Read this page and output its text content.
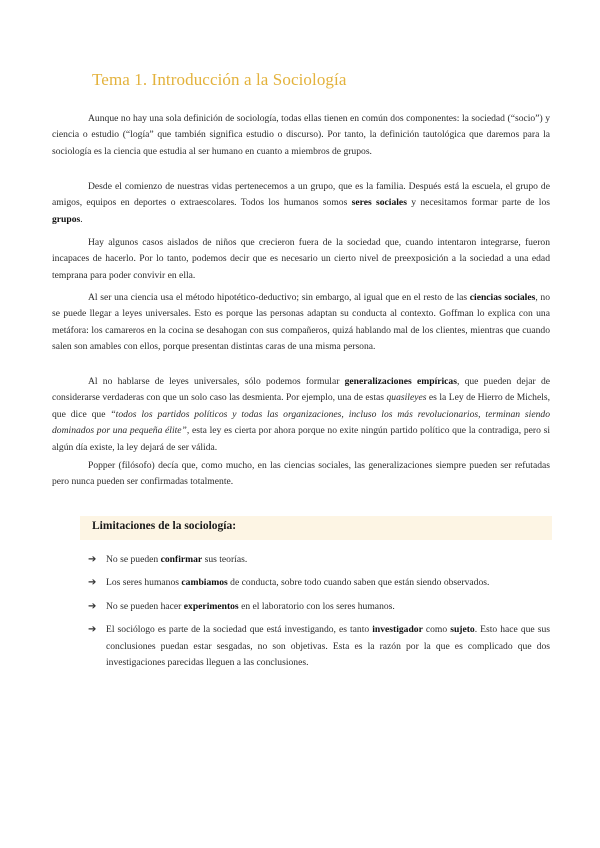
Tema 1. Introducción a la Sociología
Aunque no hay una sola definición de sociología, todas ellas tienen en común dos componentes: la sociedad (“socio”) y ciencia o estudio (“logía” que también significa estudio o discurso). Por tanto, la definición tautológica que daremos para la sociología es la ciencia que estudia al ser humano en cuanto a miembros de grupos.
Desde el comienzo de nuestras vidas pertenecemos a un grupo, que es la familia. Después está la escuela, el grupo de amigos, equipos en deportes o extraescolares. Todos los humanos somos seres sociales y necesitamos formar parte de los grupos.
Hay algunos casos aislados de niños que crecieron fuera de la sociedad que, cuando intentaron integrarse, fueron incapaces de hacerlo. Por lo tanto, podemos decir que es necesario un cierto nivel de preexposición a la sociedad a una edad temprana para poder convivir en ella.
Al ser una ciencia usa el método hipotético-deductivo; sin embargo, al igual que en el resto de las ciencias sociales, no se puede llegar a leyes universales. Esto es porque las personas adaptan su conducta al contexto. Goffman lo explica con una metáfora: los camareros en la cocina se desahogan con sus compañeros, quizá hablando mal de los clientes, mientras que cuando salen son amables con ellos, porque presentan distintas caras de una misma persona.
Al no hablarse de leyes universales, sólo podemos formular generalizaciones empíricas, que pueden dejar de considerarse verdaderas con que un solo caso las desmienta. Por ejemplo, una de estas quasileyes es la Ley de Hierro de Michels, que dice que “todos los partidos políticos y todas las organizaciones, incluso los más revolucionarios, terminan siendo dominados por una pequeña élite”, esta ley es cierta por ahora porque no exite ningún partido político que la contradiga, pero si algún día existe, la ley dejará de ser válida.
Popper (filósofo) decía que, como mucho, en las ciencias sociales, las generalizaciones siempre pueden ser refutadas pero nunca pueden ser confirmadas totalmente.
Limitaciones de la sociología:
➔ No se pueden confirmar sus teorías.
➔ Los seres humanos cambiamos de conducta, sobre todo cuando saben que están siendo observados.
➔ No se pueden hacer experimentos en el laboratorio con los seres humanos.
➔ El sociólogo es parte de la sociedad que está investigando, es tanto investigador como sujeto. Esto hace que sus conclusiones puedan estar sesgadas, no son objetivas. Esta es la razón por la que es complicado que dos investigaciones parecidas lleguen a las conclusiones.
